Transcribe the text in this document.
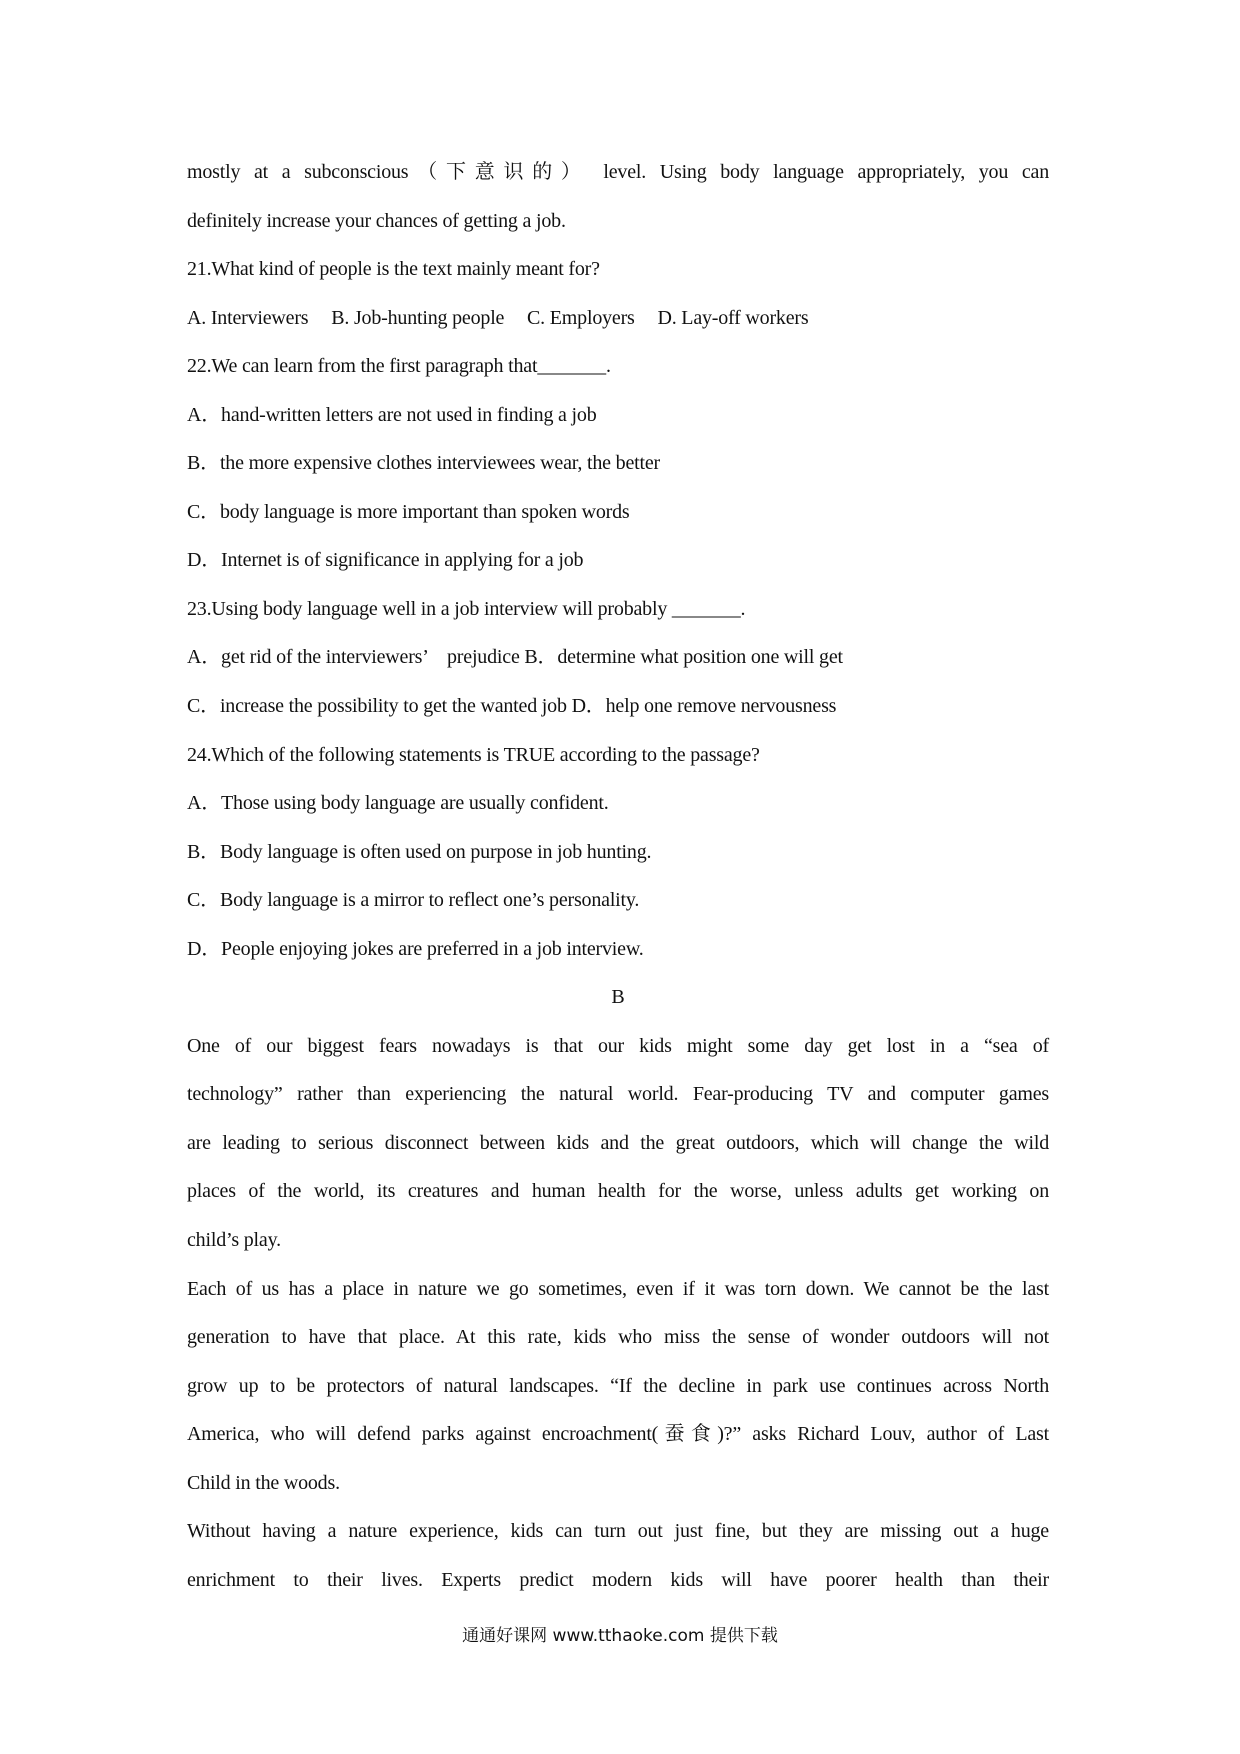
mostly at a subconscious（下意识的） level. Using body language appropriately, you can
definitely increase your chances of getting a job.
21.What kind of people is the text mainly meant for?
A. Interviewers B. Job-hunting people C. Employers D. Lay-off workers
22.We can learn from the first paragraph that_______.
A．hand-written letters are not used in finding a job
B．the more expensive clothes interviewees wear, the better
C．body language is more important than spoken words
D．Internet is of significance in applying for a job
23.Using body language well in a job interview will probably _______.
A．get rid of the interviewers’　prejudice B．determine what position one will get
C．increase the possibility to get the wanted job D．help one remove nervousness
24.Which of the following statements is TRUE according to the passage?
A．Those using body language are usually confident.
B．Body language is often used on purpose in job hunting.
C．Body language is a mirror to reflect one’s personality.
D．People enjoying jokes are preferred in a job interview.
B
One of our biggest fears nowadays is that our kids might some day get lost in a “sea of
technology” rather than experiencing the natural world. Fear-producing TV and computer games
are leading to serious disconnect between kids and the great outdoors, which will change the wild
places of the world, its creatures and human health for the worse, unless adults get working on
child’s play.
Each of us has a place in nature we go sometimes, even if it was torn down. We cannot be the last
generation to have that place. At this rate, kids who miss the sense of wonder outdoors will not
grow up to be protectors of natural landscapes. “If the decline in park use continues across North
America, who will defend parks against encroachment(蚕食)?” asks Richard Louv, author of Last
Child in the woods.
Without having a nature experience, kids can turn out just fine, but they are missing out a huge
enrichment to their lives. Experts predict modern kids will have poorer health than their
通通好课网 www.tthaoke.com 提供下载
